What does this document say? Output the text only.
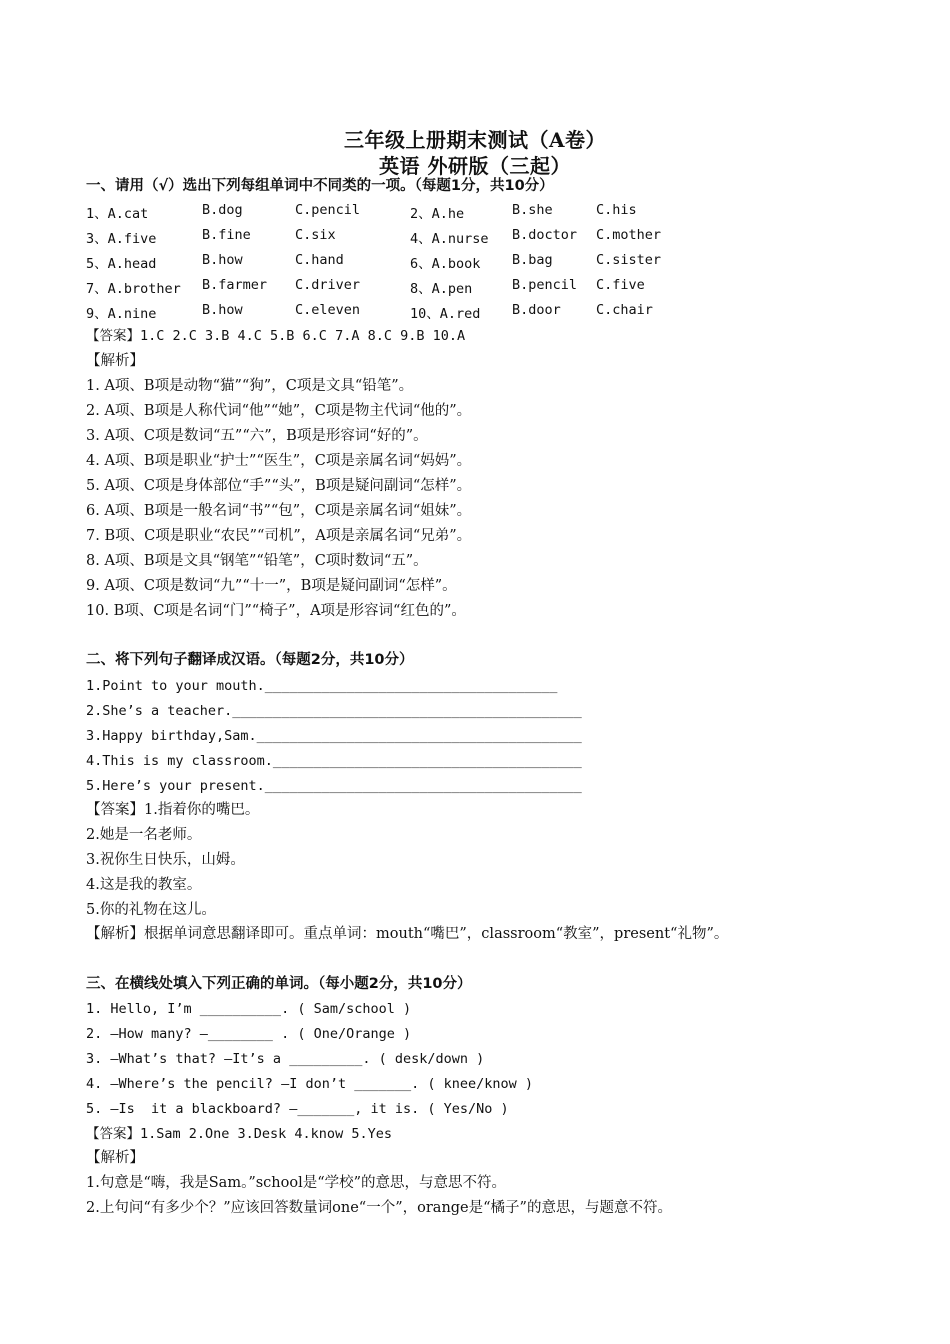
三年级上册期末测试（A卷）
英语 外研版（三起）
一、请用（√）选出下列每组单词中不同类的一项。（每题1分，共10分）
1、A.cat	B.dog	C.pencil	2、A.he	B.she	C.his
3、A.five	B.fine	C.six	4、A.nurse B.doctor C.mother
5、A.head	B.how	C.hand	6、A.book B.bag	C.sister
7、A.brother B.farmer C.driver	8、A.pen	B.pencil C.five
9、A.nine	B.how	C.eleven	10、A.red B.door	C.chair
【答案】1.C 2.C 3.B 4.C 5.B 6.C 7.A 8.C 9.B 10.A
【解析】
1. A项、B项是动物“猫”“狗”，C项是文具“铅笔”。
2. A项、B项是人称代词“他”“她”，C项是物主代词“他的”。
3. A项、C项是数词“五”“六”，B项是形容词“好的”。
4. A项、B项是职业“护士”“医生”，C项是亲属名词“妈妈”。
5. A项、C项是身体部位“手”“头”，B项是疑问副词“怎样”。
6. A项、B项是一般名词“书”“包”，C项是亲属名词“姐妹”。
7. B项、C项是职业“农民”“司机”，A项是亲属名词“兄弟”。
8. A项、B项是文具“钢笔”“铅笔”，C项时数词“五”。
9. A项、C项是数词“九”“十一”，B项是疑问副词“怎样”。
10. B项、C项是名词“门”“椅子”，A项是形容词“红色的”。
二、将下列句子翻译成汉语。（每题2分，共10分）
1.Point to your mouth.____________________________________
2.She’s a teacher.___________________________________________
3.Happy birthday,Sam.________________________________________
4.This is my classroom.______________________________________
5.Here’s your present._______________________________________
【答案】1.指着你的嘴巴。
2.她是一名老师。
3.祝你生日快乐，山姆。
4.这是我的教室。
5.你的礼物在这儿。
【解析】根据单词意思翻译即可。重点单词：mouth“嘴巴”，classroom“教室”，present“礼物”。
三、在横线处填入下列正确的单词。（每小题2分，共10分）
1. Hello, I’m __________. ( Sam/school )
2. —How many? —________ . ( One/Orange )
3. —What’s that? —It’s a _________. ( desk/down )
4. —Where’s the pencil? —I don’t _______. ( knee/know )
5. —Is  it a blackboard? —_______, it is. ( Yes/No )
【答案】1.Sam 2.One 3.Desk 4.know 5.Yes
【解析】
1.句意是“嗨，我是Sam。”school是“学校”的意思，与意思不符。
2.上句问“有多少个？”应该回答数量词one“一个”，orange是“橘子”的意思，与题意不符。
